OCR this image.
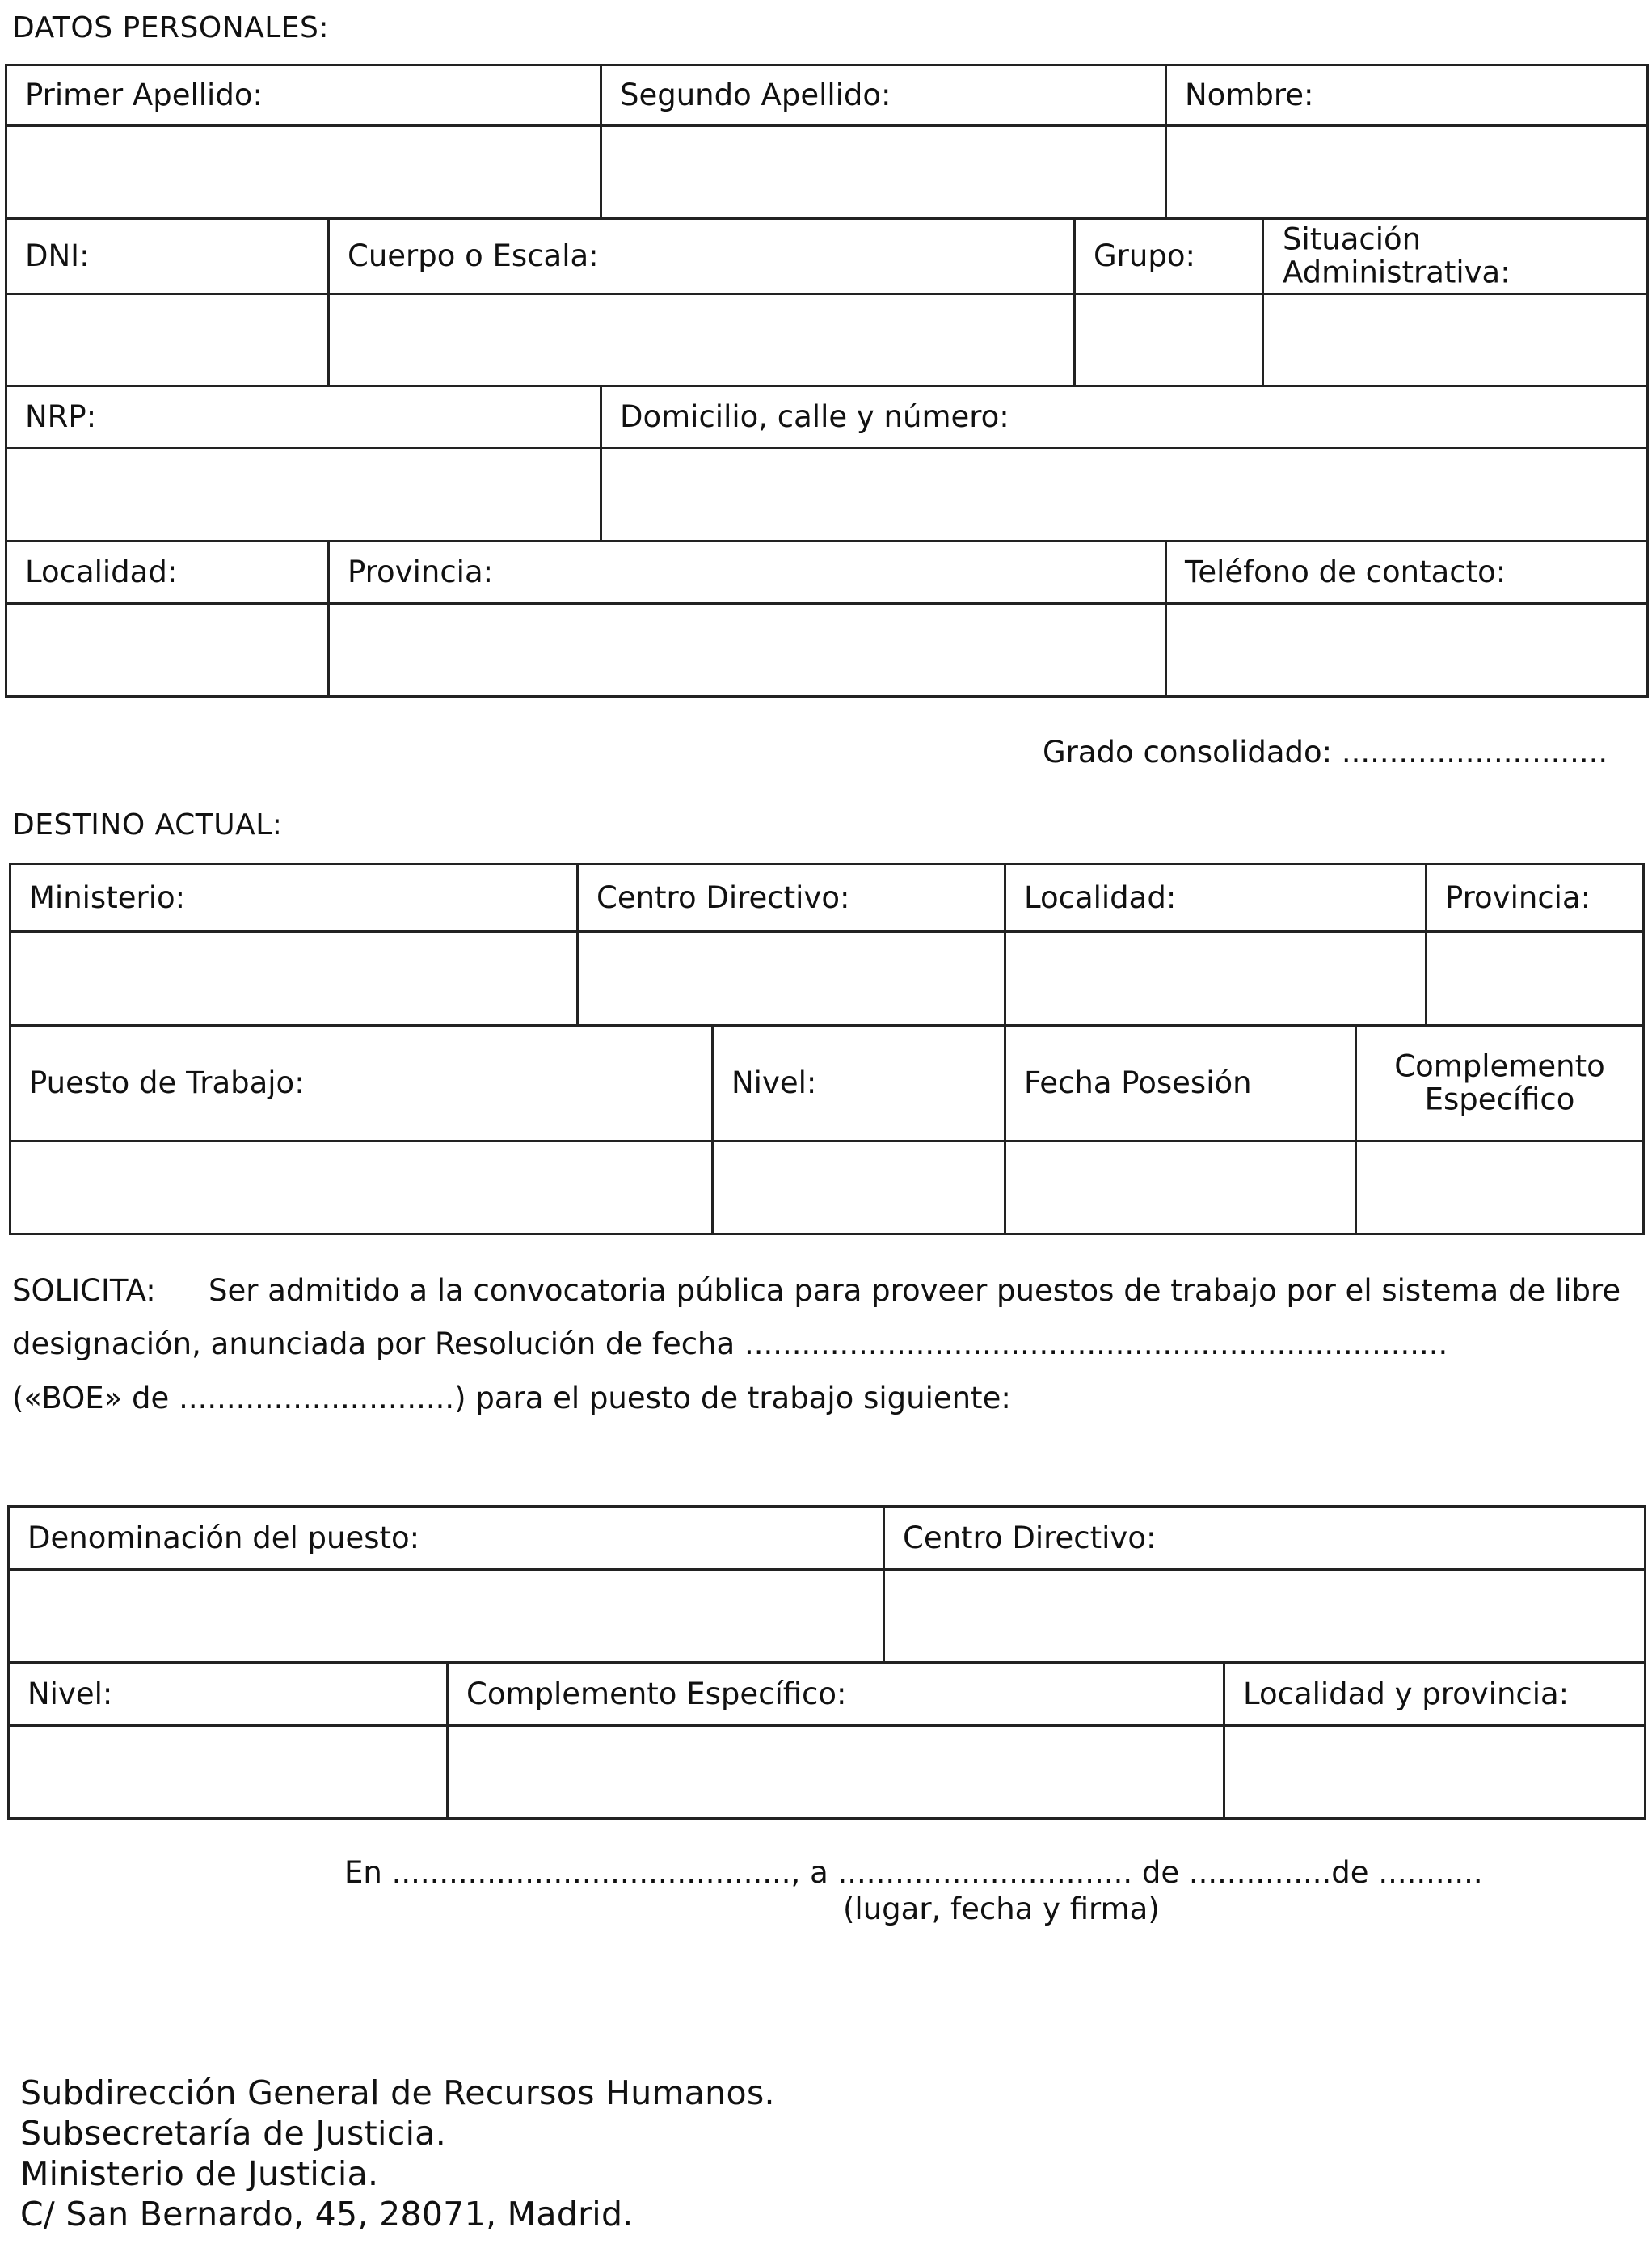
DATOS PERSONALES:
Primer Apellido:	Segundo Apellido:	Nombre:
DNI:	Cuerpo o Escala:	Grupo:	Situación
Administrativa:
NRP:	Domicilio, calle y número:
Localidad:	Provincia:	Teléfono de contacto:
Grado consolidado: ............................
DESTINO ACTUAL:
Ministerio:	Centro Directivo:	Localidad:	Provincia:
Puesto de Trabajo:	Nivel:	Fecha Posesión	Complemento
Específico
SOLICITA: Ser admitido a la convocatoria pública para proveer puestos de trabajo por el sistema de libre
designación, anunciada por Resolución de fecha ..........................................................................
(«BOE» de .............................) para el puesto de trabajo siguiente:
Denominación del puesto:	Centro Directivo:
Nivel:	Complemento Específico:	Localidad y provincia:
En .........................................., a ............................... de ...............de ...........
(lugar, fecha y firma)
Subdirección General de Recursos Humanos.
Subsecretaría de Justicia.
Ministerio de Justicia.
C/ San Bernardo, 45, 28071, Madrid.
